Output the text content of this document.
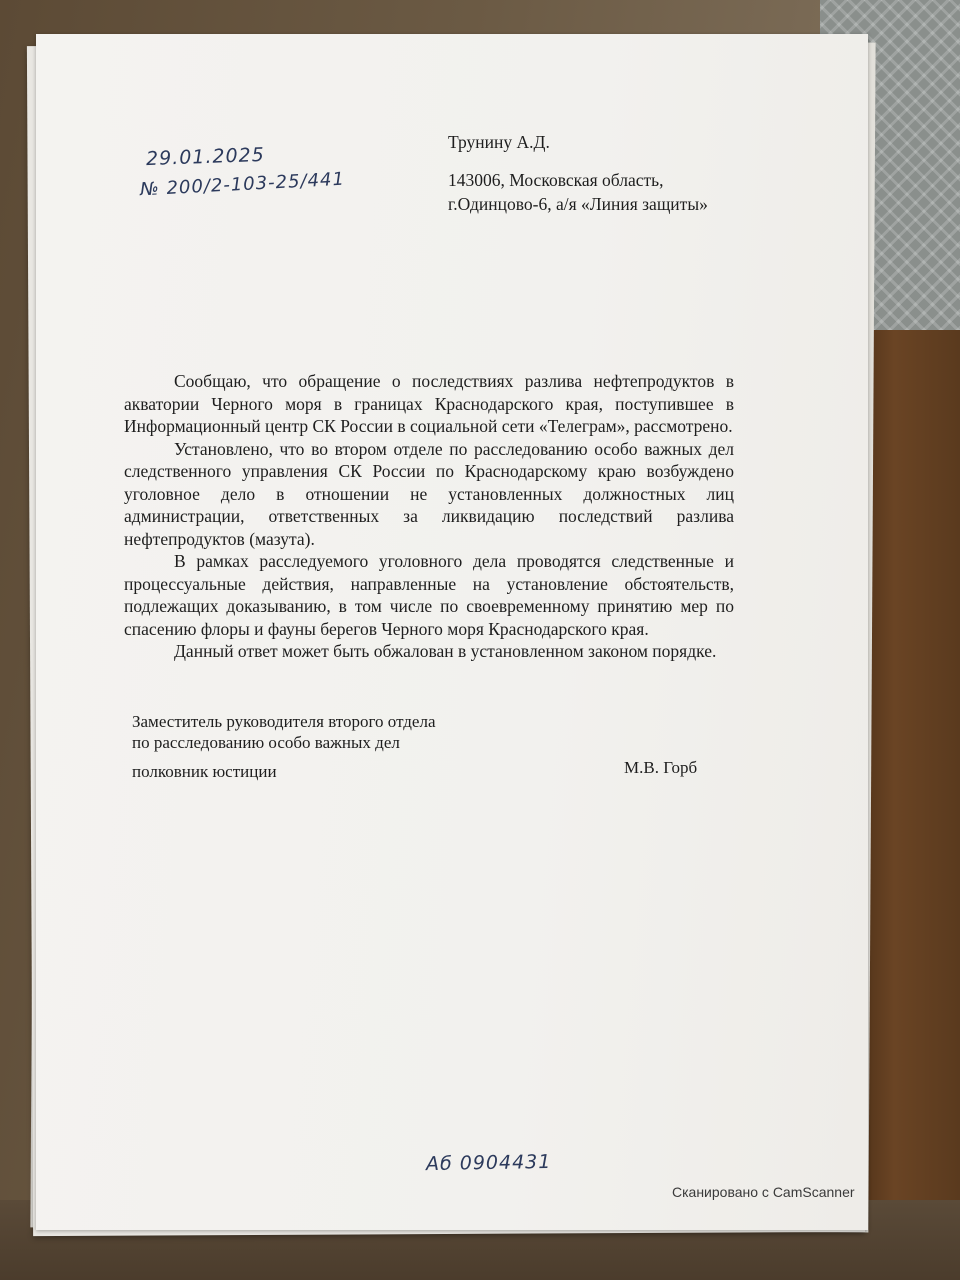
Трунину А.Д.
143006, Московская область,
г.Одинцово-6, а/я «Линия защиты»
29.01.2025
№ 200/2-103-25/441

Сообщаю, что обращение о последствиях разлива нефтепродуктов в акватории Черного моря в границах Краснодарского края, поступившее в Информационный центр СК России в социальной сети «Телеграм», рассмотрено.

Установлено, что во втором отделе по расследованию особо важных дел следственного управления СК России по Краснодарскому краю возбуждено уголовное дело в отношении не установленных должностных лиц администрации, ответственных за ликвидацию последствий разлива нефтепродуктов (мазута).

В рамках расследуемого уголовного дела проводятся следственные и процессуальные действия, направленные на установление обстоятельств, подлежащих доказыванию, в том числе по своевременному принятию мер по спасению флоры и фауны берегов Черного моря Краснодарского края.

Данный ответ может быть обжалован в установленном законом порядке.

Заместитель руководителя второго отдела
по расследованию особо важных дел
полковник юстиции	М.В. Горб
Аб 0904431
Сканировано с CamScanner
